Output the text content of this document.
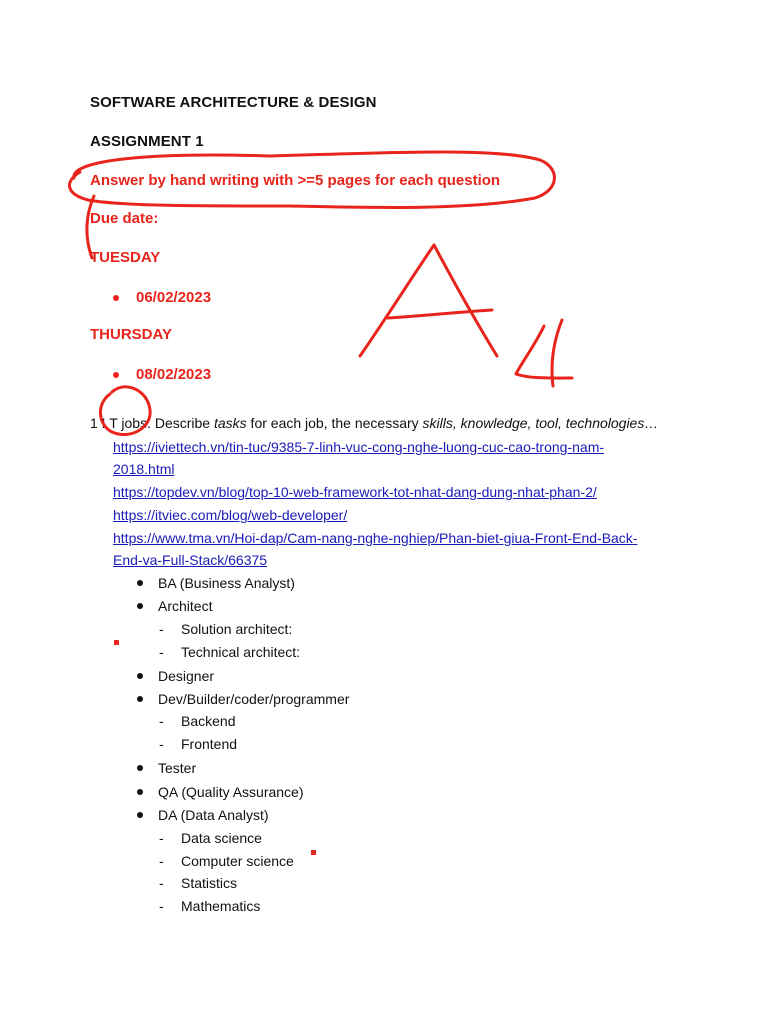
SOFTWARE ARCHITECTURE & DESIGN
ASSIGNMENT 1
Answer by hand writing with >=5 pages for each question
Due date:
TUESDAY
06/02/2023
THURSDAY
08/02/2023
1 I T jobs. Describe tasks for each job, the necessary skills, knowledge, tool, technologies…
https://iviettech.vn/tin-tuc/9385-7-linh-vuc-cong-nghe-luong-cuc-cao-trong-nam-
2018.html
https://topdev.vn/blog/top-10-web-framework-tot-nhat-dang-dung-nhat-phan-2/
https://itviec.com/blog/web-developer/
https://www.tma.vn/Hoi-dap/Cam-nang-nghe-nghiep/Phan-biet-giua-Front-End-Back-
End-va-Full-Stack/66375
BA (Business Analyst)
Architect
- Solution architect:
- Technical architect:
Designer
Dev/Builder/coder/programmer
- Backend
- Frontend
Tester
QA (Quality Assurance)
DA (Data Analyst)
- Data science
- Computer science
- Statistics
- Mathematics
